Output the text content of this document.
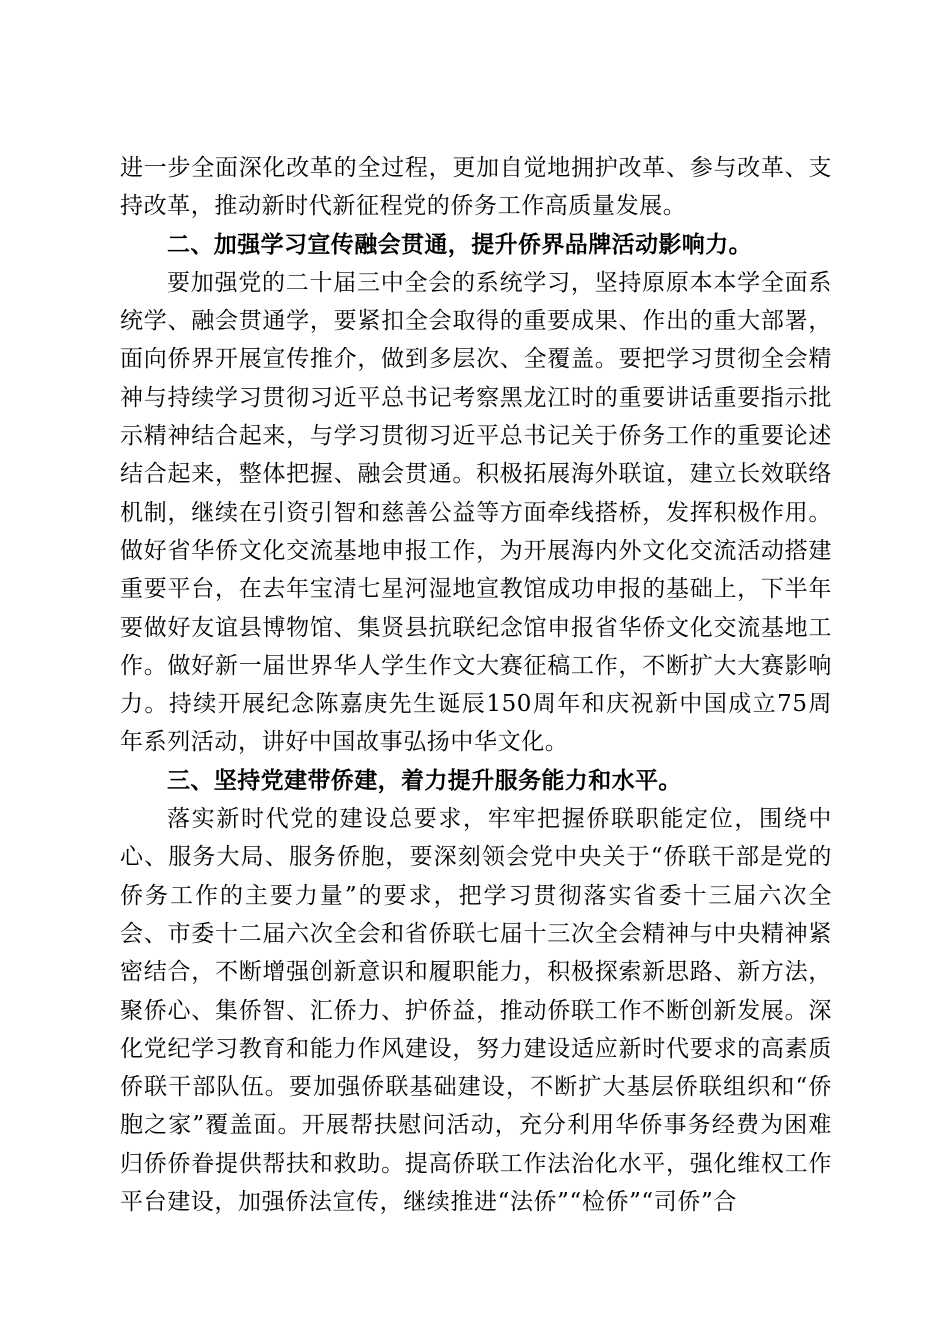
进一步全面深化改革的全过程，更加自觉地拥护改革、参与改革、支持改革，推动新时代新征程党的侨务工作高质量发展。

二、加强学习宣传融会贯通，提升侨界品牌活动影响力。

要加强党的二十届三中全会的系统学习，坚持原原本本学全面系统学、融会贯通学，要紧扣全会取得的重要成果、作出的重大部署，面向侨界开展宣传推介，做到多层次、全覆盖。要把学习贯彻全会精神与持续学习贯彻习近平总书记考察黑龙江时的重要讲话重要指示批示精神结合起来，与学习贯彻习近平总书记关于侨务工作的重要论述结合起来，整体把握、融会贯通。积极拓展海外联谊，建立长效联络机制，继续在引资引智和慈善公益等方面牵线搭桥，发挥积极作用。做好省华侨文化交流基地申报工作，为开展海内外文化交流活动搭建重要平台，在去年宝清七星河湿地宣教馆成功申报的基础上，下半年要做好友谊县博物馆、集贤县抗联纪念馆申报省华侨文化交流基地工作。做好新一届世界华人学生作文大赛征稿工作，不断扩大大赛影响力。持续开展纪念陈嘉庚先生诞辰150周年和庆祝新中国成立75周年系列活动，讲好中国故事弘扬中华文化。

三、坚持党建带侨建，着力提升服务能力和水平。

落实新时代党的建设总要求，牢牢把握侨联职能定位，围绕中心、服务大局、服务侨胞，要深刻领会党中央关于“侨联干部是党的侨务工作的主要力量”的要求，把学习贯彻落实省委十三届六次全会、市委十二届六次全会和省侨联七届十三次全会精神与中央精神紧密结合，不断增强创新意识和履职能力，积极探索新思路、新方法，聚侨心、集侨智、汇侨力、护侨益，推动侨联工作不断创新发展。深化党纪学习教育和能力作风建设，努力建设适应新时代要求的高素质侨联干部队伍。要加强侨联基础建设，不断扩大基层侨联组织和“侨胞之家”覆盖面。开展帮扶慰问活动，充分利用华侨事务经费为困难归侨侨眷提供帮扶和救助。提高侨联工作法治化水平，强化维权工作平台建设，加强侨法宣传，继续推进“法侨”“检侨”“司侨”合
